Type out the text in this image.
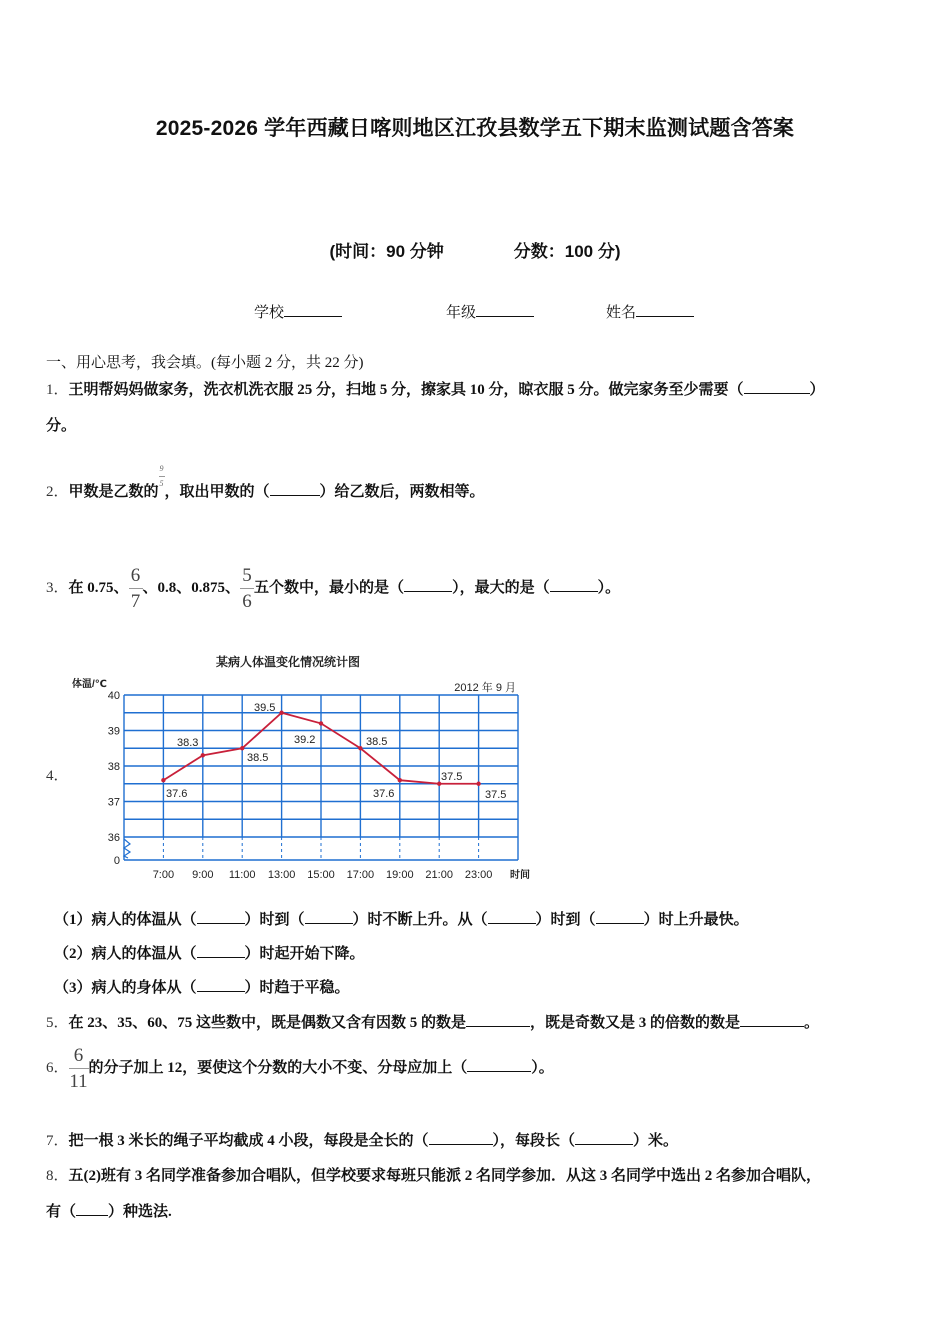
2025-2026 学年西藏日喀则地区江孜县数学五下期末监测试题含答案
(时间：90 分钟	分数：100 分)
学校	年级	姓名
一、用心思考，我会填。(每小题 2 分，共 22 分)
1．王明帮妈妈做家务，洗衣机洗衣服 25 分，扫地 5 分，擦家具 10 分，晾衣服 5 分。做完家务至少需要（	）
分。
2．甲数是乙数的
$\frac{9}{5}$
，取出甲数的（	）给乙数后，两数相等。
3．在 0.75、 $\frac{6}{7}$ 、0.8、0.875、 $\frac{5}{6}$ 五个数中，最小的是（	），最大的是（	）。
4．
某病人体温变化情况统计图
体温/℃	2012 年 9 月
40
39
38
37
36
0
7:00 9:00 11:00 13:00 15:00 17:00 19:00 21:00 23:00 时间
37.6
38.3
38.5
39.5
39.2	38.5
37.6
37.5
37.5
（1）病人的体温从（	）时到（	）时不断上升。从（	）时到（	）时上升最快。
（2）病人的体温从（	）时起开始下降。
（3）病人的身体从（	）时趋于平稳。
5．在 23、35、60、75 这些数中，既是偶数又含有因数 5 的数是	，既是奇数又是 3 的倍数的数是	。
6． $\frac{6}{11}$ 的分子加上 12，要使这个分数的大小不变、分母应加上（	）。
7．把一根 3 米长的绳子平均截成 4 小段，每段是全长的（	），每段长（	）米。
8．五(2)班有 3 名同学准备参加合唱队，但学校要求每班只能派 2 名同学参加．从这 3 名同学中选出 2 名参加合唱队，
有（ ）种选法.
